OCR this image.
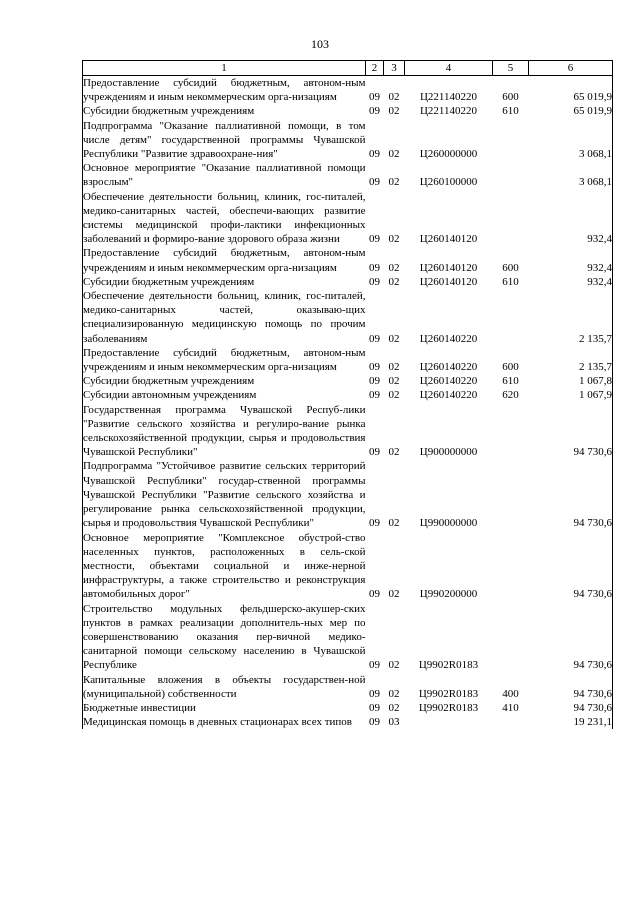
103
1	2	3	4	5	6
Предоставление субсидий бюджетным, автоном-ным учреждениям и иным некоммерческим орга-низациям	09	02	Ц221140220	600	65 019,9
Субсидии бюджетным учреждениям	09	02	Ц221140220	610	65 019,9
Подпрограмма "Оказание паллиативной помощи, в том числе детям" государственной программы Чувашской Республики "Развитие здравоохране-ния"	09	02	Ц260000000		3 068,1
Основное мероприятие "Оказание паллиативной помощи взрослым"	09	02	Ц260100000		3 068,1
Обеспечение деятельности больниц, клиник, гос-питалей, медико-санитарных частей, обеспечи-вающих развитие системы медицинской профи-лактики инфекционных заболеваний и формиро-вание здорового образа жизни	09	02	Ц260140120		932,4
Предоставление субсидий бюджетным, автоном-ным учреждениям и иным некоммерческим орга-низациям	09	02	Ц260140120	600	932,4
Субсидии бюджетным учреждениям	09	02	Ц260140120	610	932,4
Обеспечение деятельности больниц, клиник, гос-питалей, медико-санитарных частей, оказываю-щих специализированную медицинскую помощь по прочим заболеваниям	09	02	Ц260140220		2 135,7
Предоставление субсидий бюджетным, автоном-ным учреждениям и иным некоммерческим орга-низациям	09	02	Ц260140220	600	2 135,7
Субсидии бюджетным учреждениям	09	02	Ц260140220	610	1 067,8
Субсидии автономным учреждениям	09	02	Ц260140220	620	1 067,9
Государственная программа Чувашской Респуб-лики "Развитие сельского хозяйства и регулиро-вание рынка сельскохозяйственной продукции, сырья и продовольствия Чувашской Республики"	09	02	Ц900000000		94 730,6
Подпрограмма "Устойчивое развитие сельских территорий Чувашской Республики" государ-ственной программы Чувашской Республики "Развитие сельского хозяйства и регулирование рынка сельскохозяйственной продукции, сырья и продовольствия Чувашской Республики"	09	02	Ц990000000		94 730,6
Основное мероприятие "Комплексное обустрой-ство населенных пунктов, расположенных в сель-ской местности, объектами социальной и инже-нерной инфраструктуры, а также строительство и реконструкция автомобильных дорог"	09	02	Ц990200000		94 730,6
Строительство модульных фельдшерско-акушер-ских пунктов в рамках реализации дополнитель-ных мер по совершенствованию оказания пер-вичной медико-санитарной помощи сельскому населению в Чувашской Республике	09	02	Ц9902R0183		94 730,6
Капитальные вложения в объекты государствен-ной (муниципальной) собственности	09	02	Ц9902R0183	400	94 730,6
Бюджетные инвестиции	09	02	Ц9902R0183	410	94 730,6
Медицинская помощь в дневных стационарах всех типов	09	03			19 231,1
